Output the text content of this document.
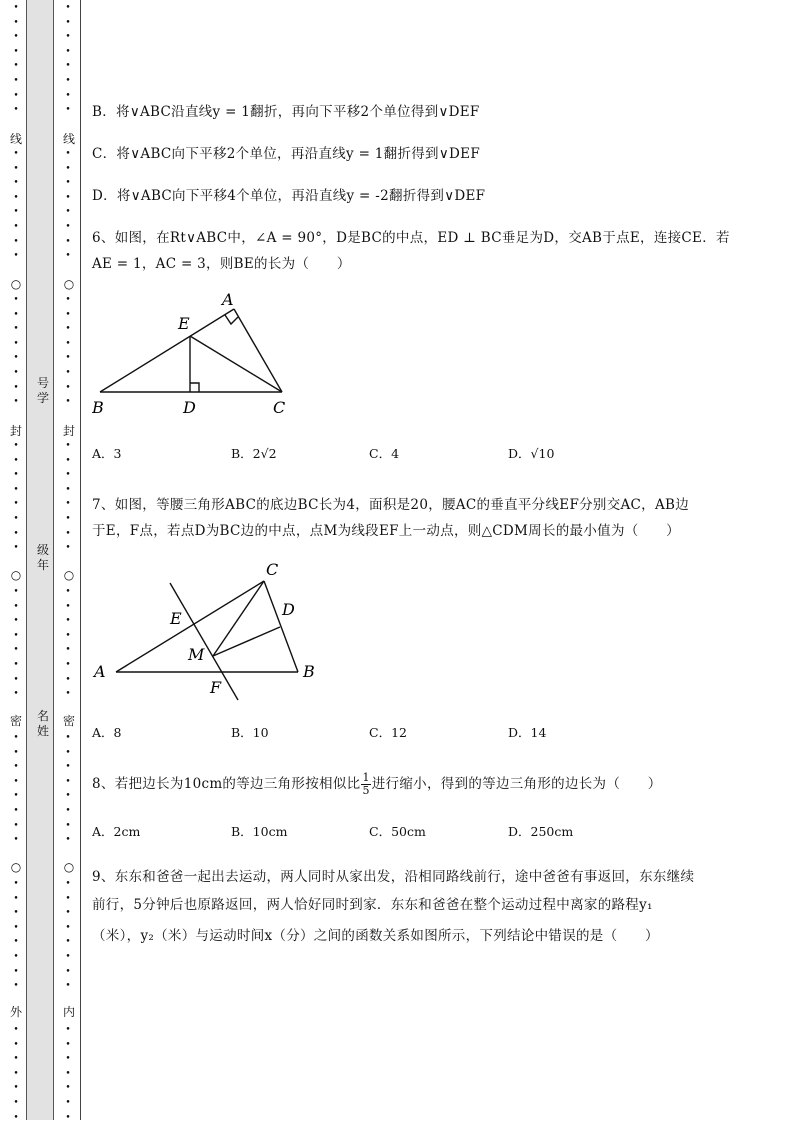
•
•
•
•
•
•
•
•
•
•
•
•
•
•
•
•
•
•
•
•
•
•
•
•
•
•
•
•
•
•
•
•
•
•
•
•
•
•
•
•
•
•
•
•
•
•
•
•
•
•
•
•
•
•
•
•
•
•
•
•
•
•
•
•
•
•
•
•
•
•
•
•
•
•
•
•
•
•
•
•
•
•
•
•
•
•
•
•
•
•
•
•
•
•
•
•
•
•
•
•
•
•
•
•
•
•
•
•
•
•
•
•
•
•
•
•
•
•
•
•
•
•
•
•
•
•
线
○
封
○
密
○
外
线
○
封
○
密
○
内
号学
级年
名姓
B．将∨ABC沿直线y = 1翻折，再向下平移2个单位得到∨DEF
C．将∨ABC向下平移2个单位，再沿直线y = 1翻折得到∨DEF
D．将∨ABC向下平移4个单位，再沿直线y = -2翻折得到∨DEF
6、如图，在Rt∨ABC中，∠A = 90°，D是BC的中点，ED ⊥ BC垂足为D，交AB于点E，连接CE．若
AE = 1，AC = 3，则BE的长为（　　）
A
E
B	D	C
A．3	B．2√2	C．4	D．√10
7、如图，等腰三角形ABC的底边BC长为4，面积是20，腰AC的垂直平分线EF分别交AC，AB边
于E，F点，若点D为BC边的中点，点M为线段EF上一动点，则△CDM周长的最小值为（　　）
C
D
E
M
A
F
B
A．8	B．10	C．12	D．14
8、若把边长为10cm的等边三角形按相似比 $\frac{1}{5}$ 进行缩小，得到的等边三角形的边长为（　　）
A．2cm	B．10cm	C．50cm	D．250cm
9、东东和爸爸一起出去运动，两人同时从家出发，沿相同路线前行，途中爸爸有事返回，东东继续
前行，5分钟后也原路返回，两人恰好同时到家．东东和爸爸在整个运动过程中离家的路程y₁
（米），y₂（米）与运动时间x（分）之间的函数关系如图所示，下列结论中错误的是（　　）
